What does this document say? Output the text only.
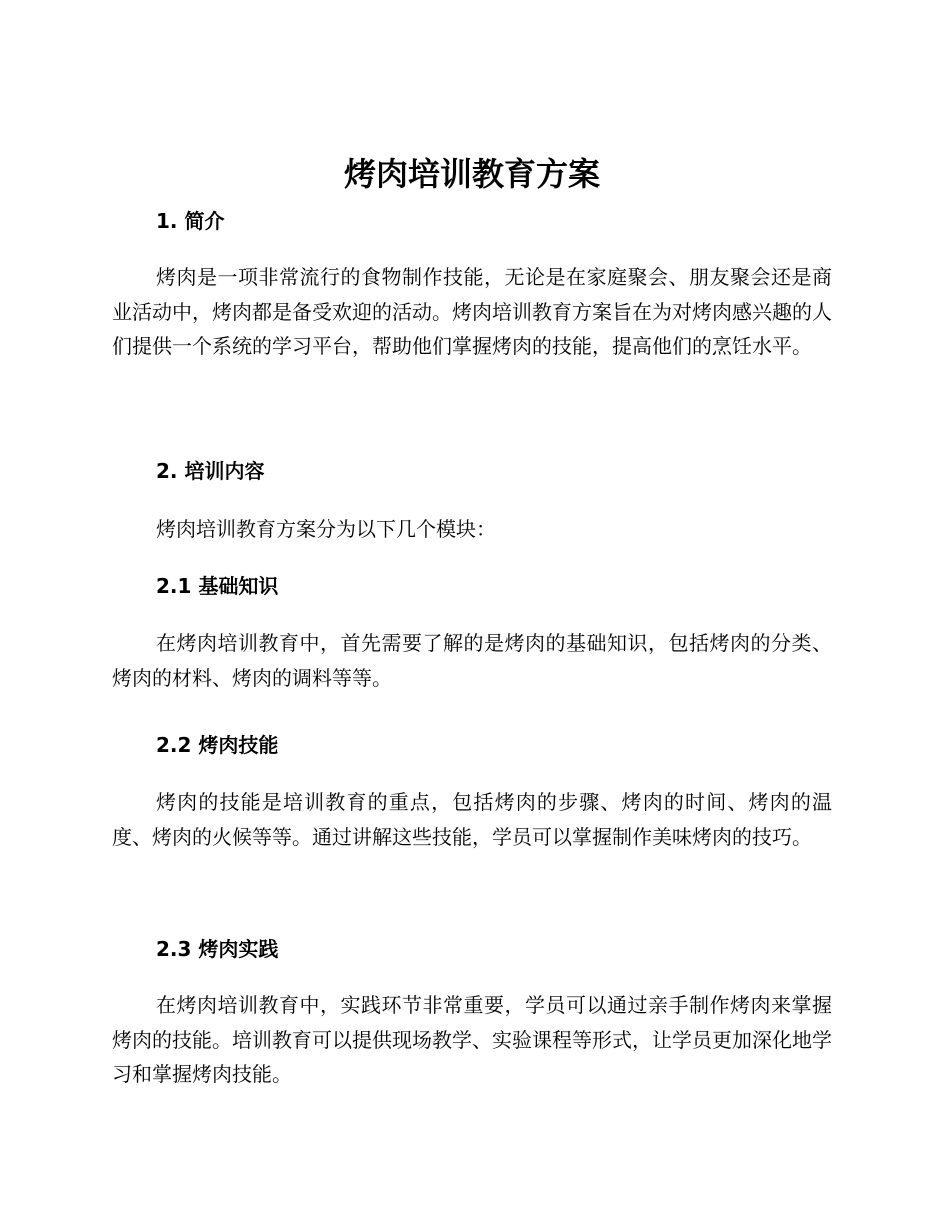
烤肉培训教育方案
1. 简介

烤肉是一项非常流行的食物制作技能，无论是在家庭聚会、朋友聚会还是商业活动中，烤肉都是备受欢迎的活动。烤肉培训教育方案旨在为对烤肉感兴趣的人们提供一个系统的学习平台，帮助他们掌握烤肉的技能，提高他们的烹饪水平。

2. 培训内容

烤肉培训教育方案分为以下几个模块：

2.1 基础知识

在烤肉培训教育中，首先需要了解的是烤肉的基础知识，包括烤肉的分类、烤肉的材料、烤肉的调料等等。

2.2 烤肉技能

烤肉的技能是培训教育的重点，包括烤肉的步骤、烤肉的时间、烤肉的温度、烤肉的火候等等。通过讲解这些技能，学员可以掌握制作美味烤肉的技巧。

2.3 烤肉实践

在烤肉培训教育中，实践环节非常重要，学员可以通过亲手制作烤肉来掌握烤肉的技能。培训教育可以提供现场教学、实验课程等形式，让学员更加深化地学习和掌握烤肉技能。
